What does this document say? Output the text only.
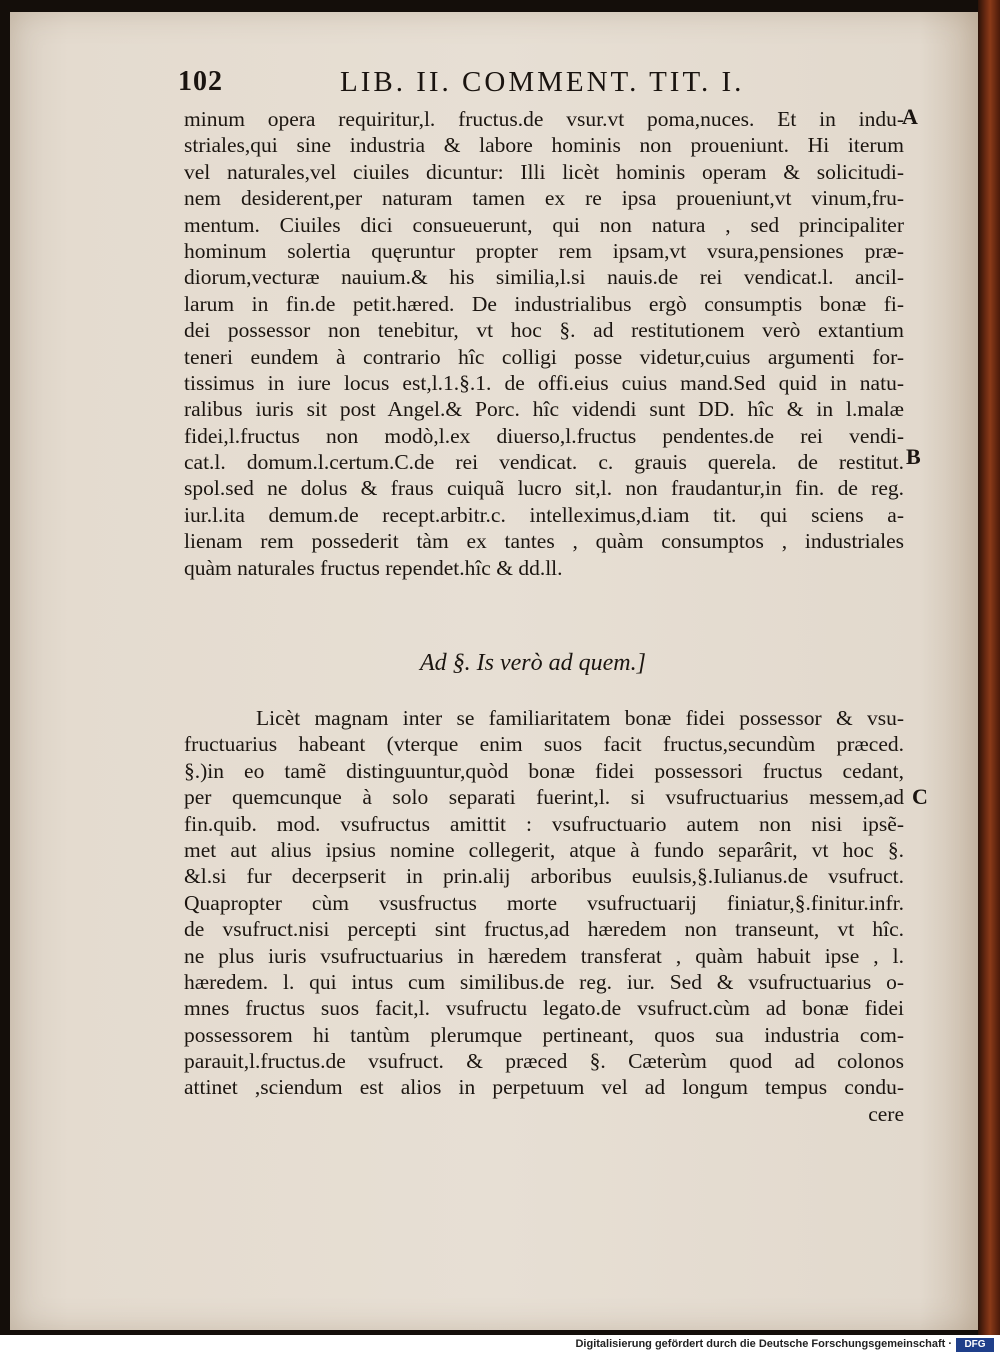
102	LIB. II. COMMENT. TIT. I.
minum opera requiritur,l. fructus.de vsur.vt poma,nuces. Et in indu-
striales,qui sine industria & labore hominis non proueniunt. Hi iterum
vel naturales,vel ciuiles dicuntur: Illi licèt hominis operam & solicitudi-
nem desiderent,per naturam tamen ex re ipsa proueniunt,vt vinum,fru-
mentum. Ciuiles dici consueuerunt, qui non natura , sed principaliter
hominum solertia quęruntur propter rem ipsam,vt vsura,pensiones præ-
diorum,vecturæ nauium.& his similia,l.si nauis.de rei vendicat.l. ancil-
larum in fin.de petit.hæred. De industrialibus ergò consumptis bonæ fi-
dei possessor non tenebitur, vt hoc §. ad restitutionem verò extantium
teneri eundem à contrario hîc colligi posse videtur,cuius argumenti for-
tissimus in iure locus est,l.1.§.1. de offi.eius cuius mand.Sed quid in natu-
ralibus iuris sit post Angel.& Porc. hîc videndi sunt DD. hîc & in l.malæ
fidei,l.fructus non modò,l.ex diuerso,l.fructus pendentes.de rei vendi-
cat.l. domum.l.certum.C.de rei vendicat. c. grauis querela. de restitut.
spol.sed ne dolus & fraus cuiquã lucro sit,l. non fraudantur,in fin. de reg.
iur.l.ita demum.de recept.arbitr.c. intelleximus,d.iam tit. qui sciens a-
lienam rem possederit tàm ex tantes , quàm consumptos , industriales
quàm naturales fructus rependet.hîc & dd.ll.
Ad §. Is verò ad quem.]
Licèt magnam inter se familiaritatem bonæ fidei possessor & vsu-
fructuarius habeant (vterque enim suos facit fructus,secundùm præced.
§.)in eo tamẽ distinguuntur,quòd bonæ fidei possessori fructus cedant,
per quemcunque à solo separati fuerint,l. si vsufructuarius messem,ad
fin.quib. mod. vsufructus amittit : vsufructuario autem non nisi ipsẽ-
met aut alius ipsius nomine collegerit, atque à fundo separârit, vt hoc §.
&l.si fur decerpserit in prin.alij arboribus euulsis,§.Iulianus.de vsufruct.
Quapropter cùm vsusfructus morte vsufructuarij finiatur,§.finitur.infr.
de vsufruct.nisi percepti sint fructus,ad hæredem non transeunt, vt hîc.
ne plus iuris vsufructuarius in hæredem transferat , quàm habuit ipse , l.
hæredem. l. qui intus cum similibus.de reg. iur. Sed & vsufructuarius o-
mnes fructus suos facit,l. vsufructu legato.de vsufruct.cùm ad bonæ fidei
possessorem hi tantùm plerumque pertineant, quos sua industria com-
parauit,l.fructus.de vsufruct. & præced §. Cæterùm quod ad colonos
attinet ,sciendum est alios in perpetuum vel ad longum tempus condu-
cere
A
B
C
Digitalisierung gefördert durch die Deutsche Forschungsgemeinschaft ·	DFG
